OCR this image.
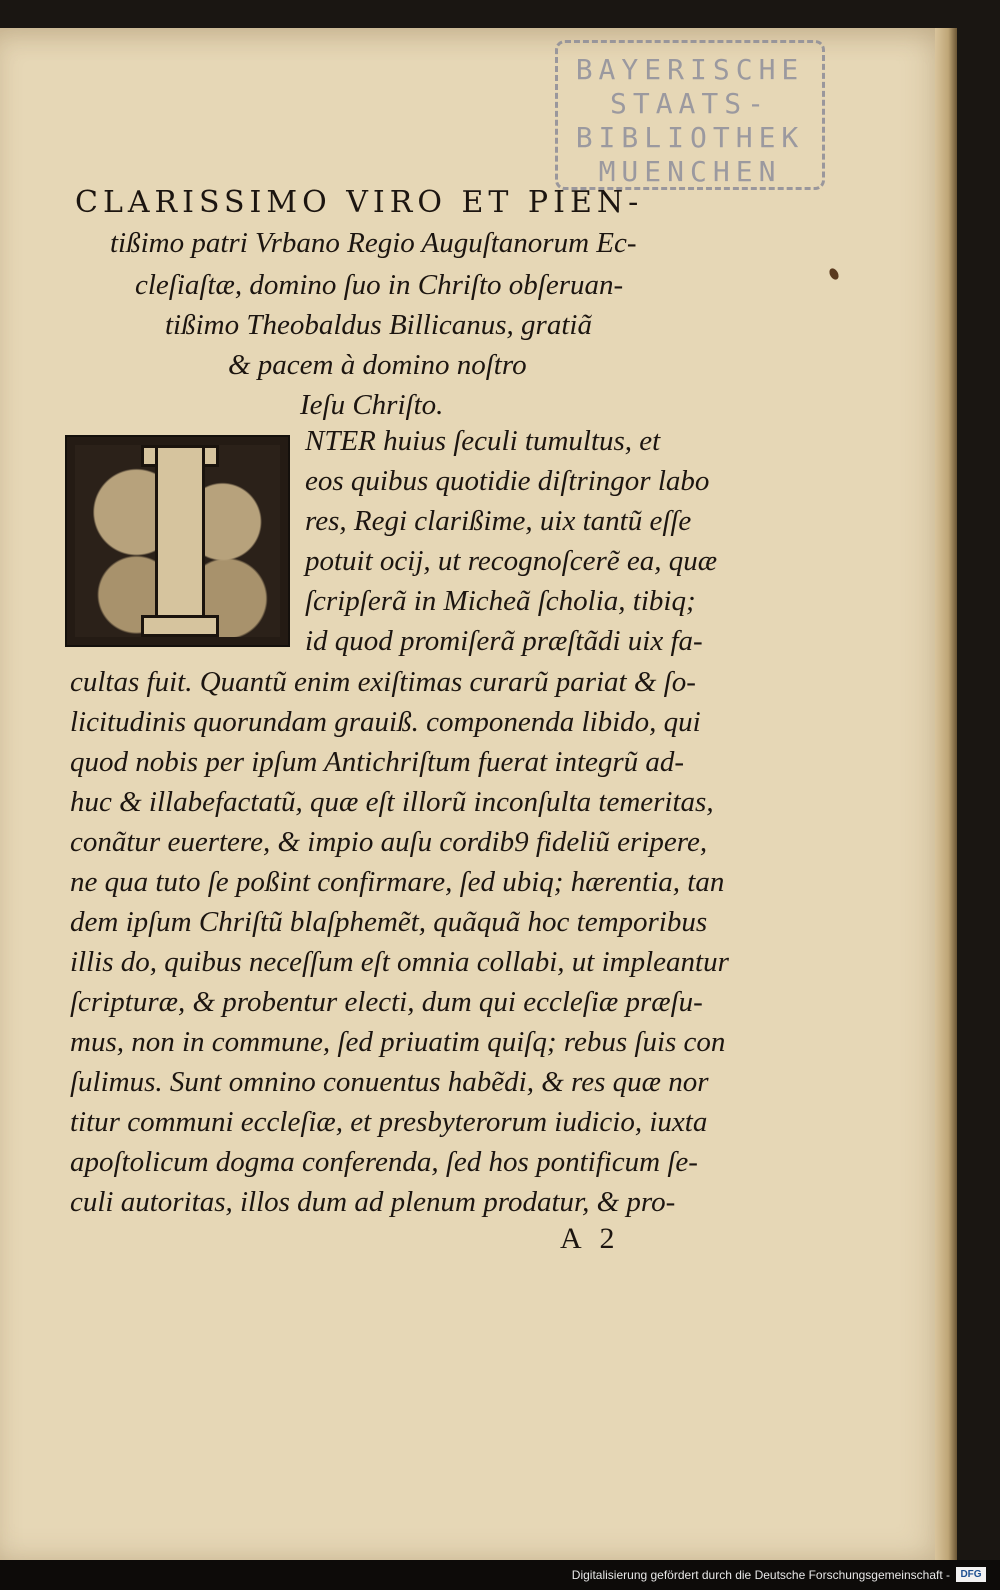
BAYERISCHE
STAATS-
BIBLIOTHEK
MUENCHEN
CLARISSIMO VIRO ET PIEN-
tißimo patri Vrbano Regio Auguſtanorum Ec-
cleſiaſtæ, domino ſuo in Chriſto obſeruan-
tißimo Theobaldus Billicanus, gratiã
& pacem à domino noſtro
Ieſu Chriſto.
NTER huius ſeculi tumultus, et
eos quibus quotidie diſtringor labo
res, Regi clarißime, uix tantũ eſſe
potuit ocij, ut recognoſcerẽ ea, quæ
ſcripſerã in Micheã ſcholia, tibiq;
id quod promiſerã præſtãdi uix fa-
cultas fuit. Quantũ enim exiſtimas curarũ pariat & ſo-
licitudinis quorundam grauiß. componenda libido, qui
quod nobis per ipſum Antichriſtum fuerat integrũ ad-
huc & illabefactatũ, quæ eſt illorũ inconſulta temeritas,
conãtur euertere, & impio auſu cordib9 fideliũ eripere,
ne qua tuto ſe poßint confirmare, ſed ubiq; hærentia, tan
dem ipſum Chriſtũ blaſphemẽt, quãquã hoc temporibus
illis do, quibus neceſſum eſt omnia collabi, ut impleantur
ſcripturæ, & probentur electi, dum qui eccleſiæ præſu-
mus, non in commune, ſed priuatim quiſq; rebus ſuis con
ſulimus. Sunt omnino conuentus habẽdi, & res quæ nor
titur communi eccleſiæ, et presbyterorum iudicio, iuxta
apoſtolicum dogma conferenda, ſed hos pontificum ſe-
culi autoritas, illos dum ad plenum prodatur, & pro-
A 2
Digitalisierung gefördert durch die Deutsche Forschungsgemeinschaft -	DFG
